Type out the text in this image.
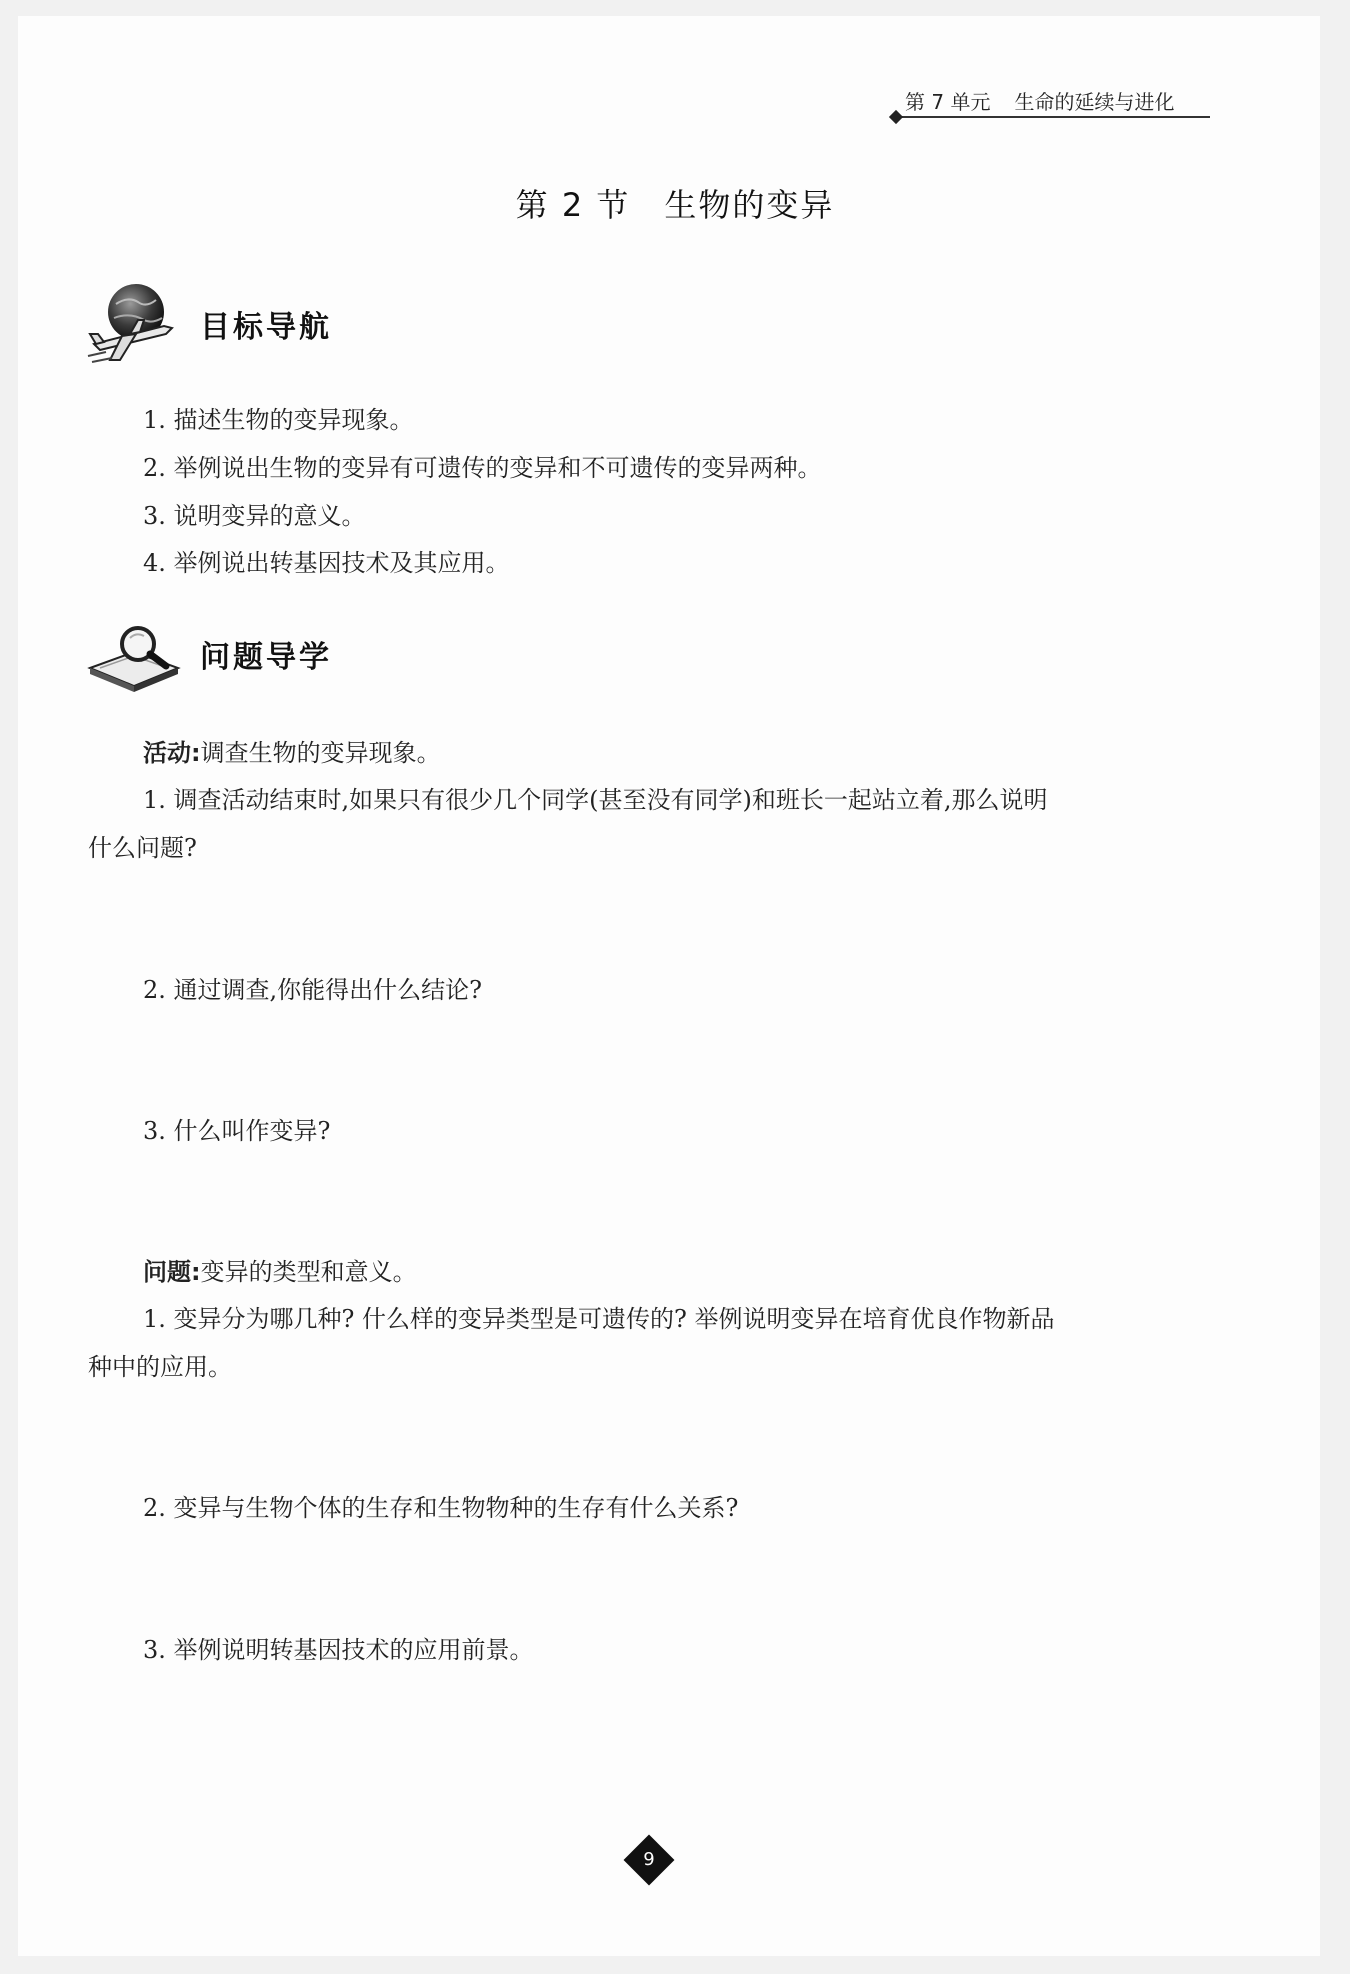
第 7 单元 生命的延续与进化
第 2 节　生物的变异
目标导航
1. 描述生物的变异现象。
2. 举例说出生物的变异有可遗传的变异和不可遗传的变异两种。
3. 说明变异的意义。
4. 举例说出转基因技术及其应用。
问题导学
活动:调查生物的变异现象。
1. 调查活动结束时,如果只有很少几个同学(甚至没有同学)和班长一起站立着,那么说明
什么问题?
2. 通过调查,你能得出什么结论?
3. 什么叫作变异?
问题:变异的类型和意义。
1. 变异分为哪几种? 什么样的变异类型是可遗传的? 举例说明变异在培育优良作物新品
种中的应用。
2. 变异与生物个体的生存和生物物种的生存有什么关系?
3. 举例说明转基因技术的应用前景。
9
